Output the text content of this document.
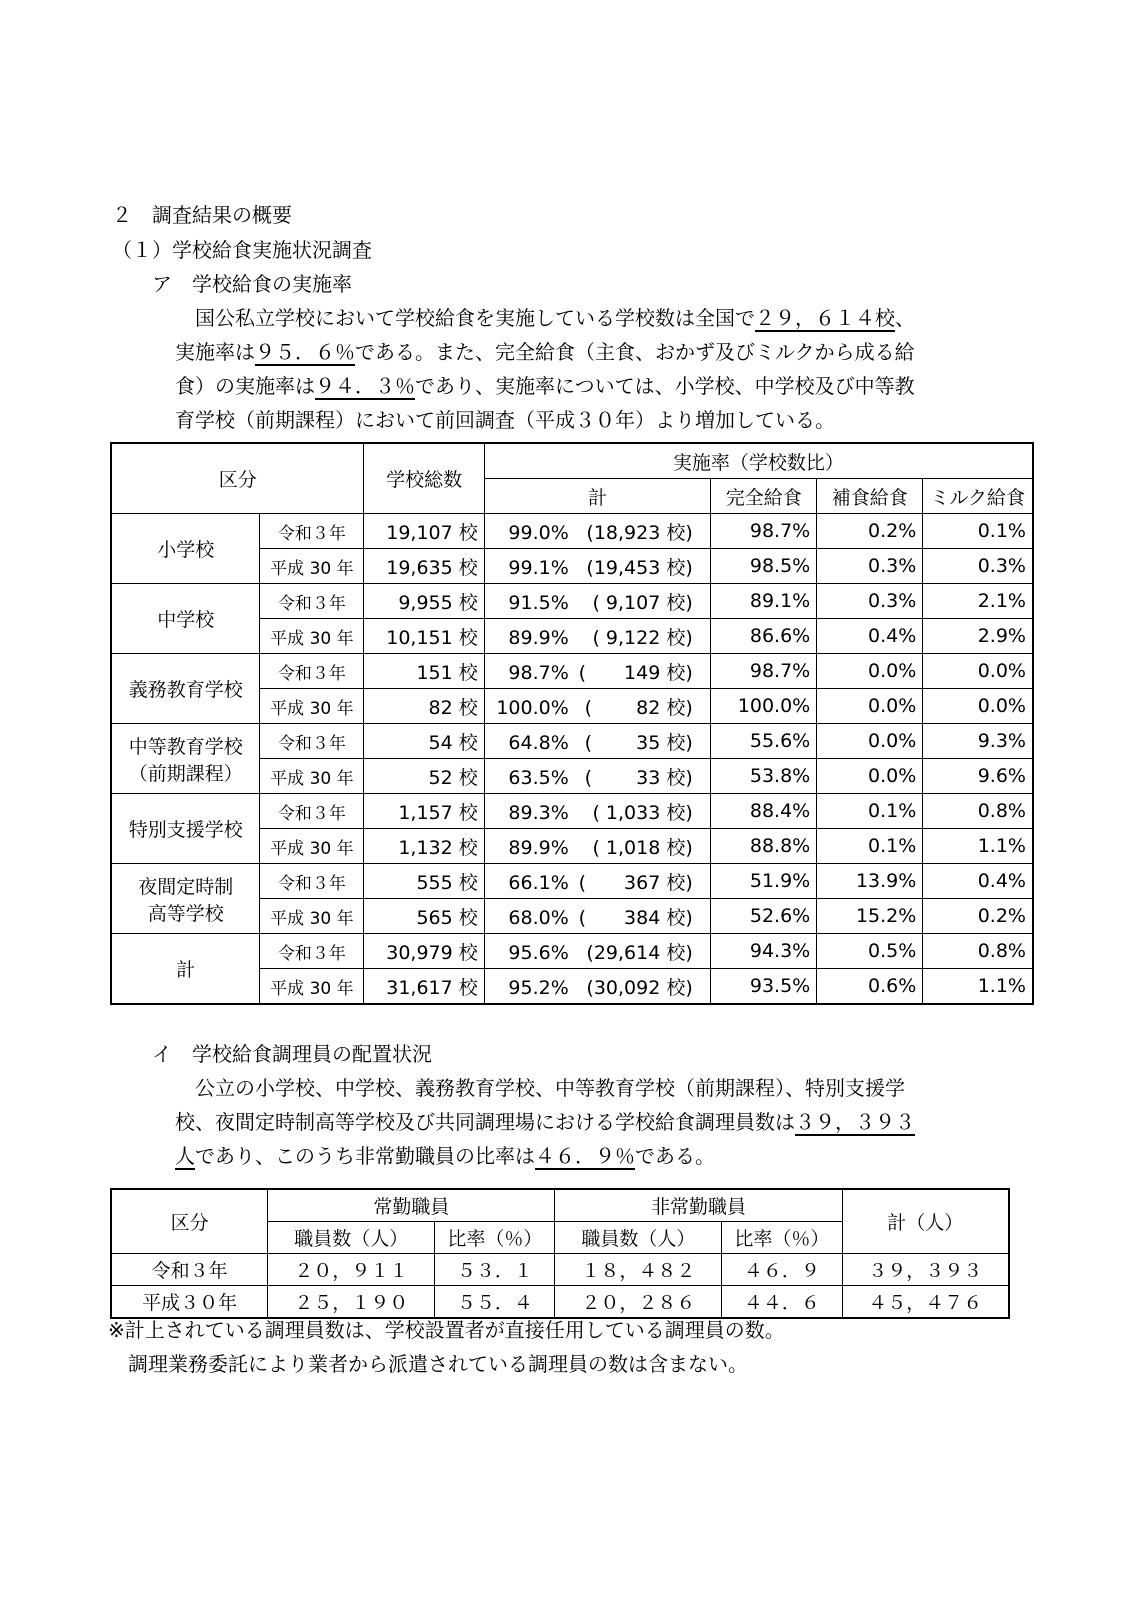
２　調査結果の概要
（１）学校給食実施状況調査
ア　学校給食の実施率
　国公私立学校において学校給食を実施している学校数は全国で２９，６１４校、
実施率は９５．６％である。また、完全給食（主食、おかず及びミルクから成る給
食）の実施率は９４．３％であり、実施率については、小学校、中学校及び中等教
育学校（前期課程）において前回調査（平成３０年）より増加している。
区分		学校総数	実施率（学校数比）			
			計	完全給食	補食給食	ミルク給食
小学校	令和３年	19,107 校	99.0% (18,923 校)	98.7%	0.2%	0.1%
	平成 30 年	19,635 校	99.1% (19,453 校)	98.5%	0.3%	0.3%
中学校	令和３年	9,955 校	91.5% ( 9,107 校)	89.1%	0.3%	2.1%
	平成 30 年	10,151 校	89.9% ( 9,122 校)	86.6%	0.4%	2.9%
義務教育学校	令和３年	151 校	98.7% (　　149 校)	98.7%	0.0%	0.0%
	平成 30 年	82 校	100.0% (　　 82 校)	100.0%	0.0%	0.0%

中等教育学校
（前期課程）	令和３年	54 校	64.8% (　　 35 校)	55.6%	0.0%	9.3%
	平成 30 年	52 校	63.5% (　　 33 校)	53.8%	0.0%	9.6%
特別支援学校	令和３年	1,157 校	89.3% ( 1,033 校)	88.4%	0.1%	0.8%
	平成 30 年	1,132 校	89.9% ( 1,018 校)	88.8%	0.1%	1.1%

夜間定時制
高等学校	令和３年	555 校	66.1% (　　367 校)	51.9%	13.9%	0.4%
	平成 30 年	565 校	68.0% (　　384 校)	52.6%	15.2%	0.2%
計	令和３年	30,979 校	95.6% (29,614 校)	94.3%	0.5%	0.8%
	平成 30 年	31,617 校	95.2% (30,092 校)	93.5%	0.6%	1.1%
イ　学校給食調理員の配置状況
　公立の小学校、中学校、義務教育学校、中等教育学校（前期課程）、特別支援学
校、夜間定時制高等学校及び共同調理場における学校給食調理員数は３９，３９３
人であり、このうち非常勤職員の比率は４６．９％である。
区分	常勤職員		非常勤職員		計（人）
	職員数（人）	比率（％）	職員数（人）	比率（％）	
令和３年	２０，９１１	５３．１	１８，４８２	４６．９	３９，３９３
平成３０年	２５，１９０	５５．４	２０，２８６	４４．６	４５，４７６
※計上されている調理員数は、学校設置者が直接任用している調理員の数。
　調理業務委託により業者から派遣されている調理員の数は含まない。
